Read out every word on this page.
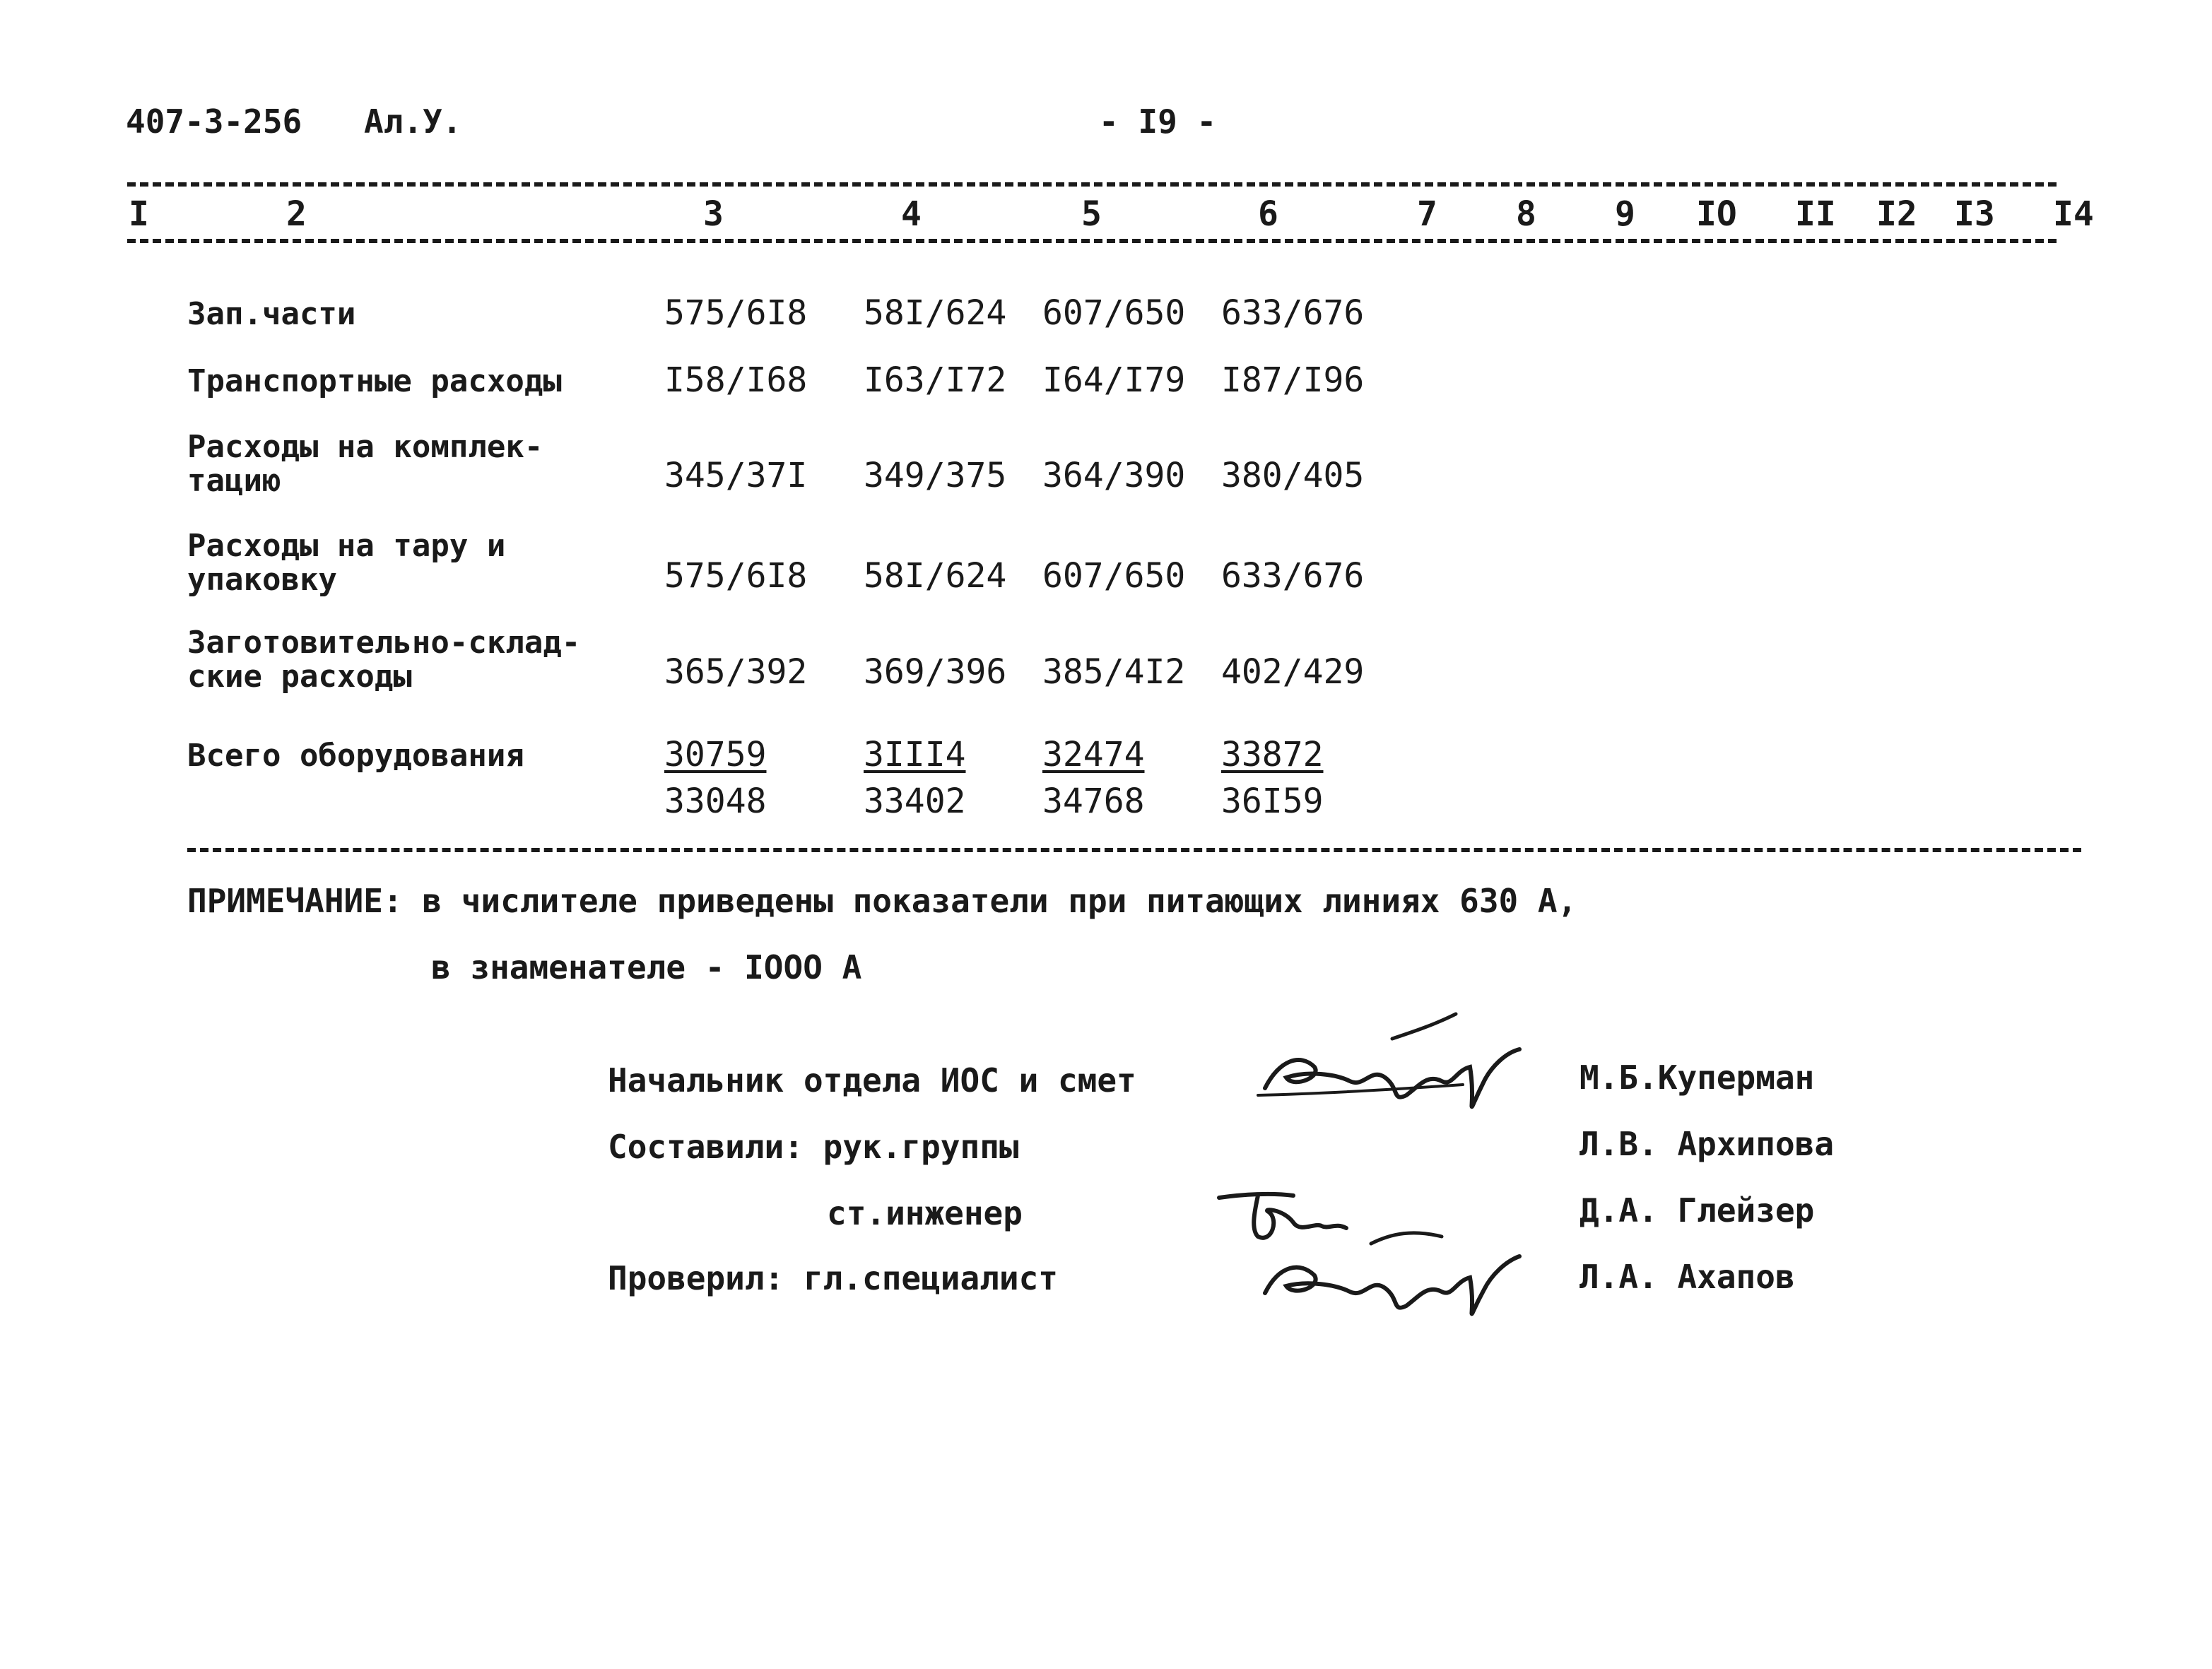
407-3-256 Ал.У.	- I9 -
I	2	3	4	5	6	7 8 9 IO II I2 I3 I4
Зап.части	575/6I8 58I/624 607/650 633/676
Транспортные расходы	I58/I68 I63/I72 I64/I79 I87/I96
Расходы на комплек-
тацию	345/37I 349/375 364/390 380/405
Расходы на тару и
упаковку	575/6I8 58I/624 607/650 633/676
Заготовительно-склад-
ские расходы	365/392 369/396 385/4I2 402/429
Всего оборудования	30759	3III4 32474 33872
33048	33402 34768 36I59
ПРИМЕЧАНИЕ: в числителе приведены показатели при питающих линиях 630 А,
в знаменателе - IOOO А
Начальник отдела ИОС и смет
Составили: рук.группы
ст.инженер
Проверил: гл.специалист
М.Б.Куперман
Л.В. Архипова
Д.А. Глейзер
Л.А. Ахапов
